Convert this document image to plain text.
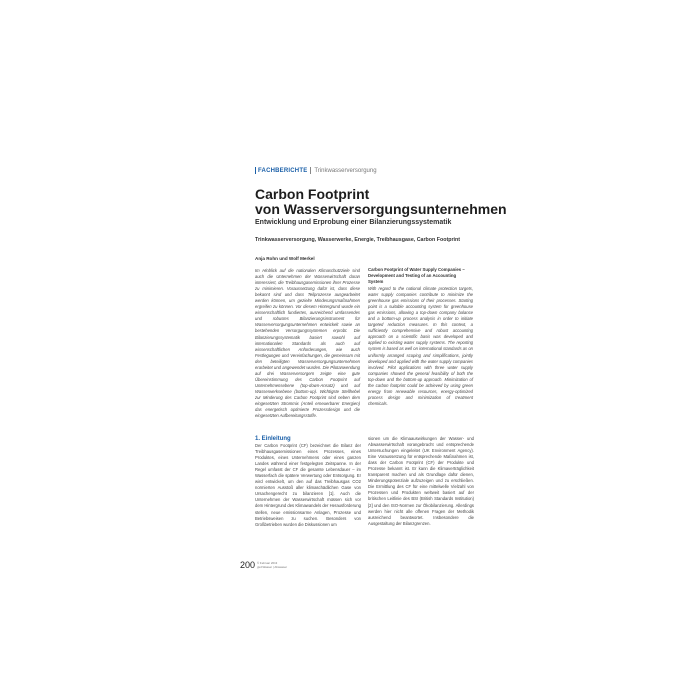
FACHBERICHTE Trinkwasserversorgung
Carbon Footprint
von Wasserversorgungsunternehmen
Entwicklung und Erprobung einer Bilanzierungssystematik
Trinkwasserversorgung, Wasserwerke, Energie, Treibhausgase, Carbon Footprint
Anja Rohn und Wolf Merkel

Im Hinblick auf die nationalen Klimaschutzziele sind auch die Unternehmen der Wasserwirtschaft daran interessiert, die Treibhausgasemissionen ihrer Prozesse zu minimieren. Voraussetzung dafür ist, dass diese bekannt sind und dass Teilprozesse ausgearbeitet werden können, um gezielte Minderungsmaßnahmen ergreifen zu können. Vor diesem Hintergrund wurde ein wissenschaftlich fundiertes, ausreichend umfassendes und robustes Bilanzierungsinstrument für Wasserversorgungsunternehmen entwickelt sowie an bestehenden Versorgungssystemen erprobt. Die Bilanzierungssystematik basiert sowohl auf internationalen Standards als auch auf wissenschaftlichen Anforderungen, wie auch Festlegungen und Vereinfachungen, die gemeinsam mit den beteiligten Wasserversorgungsunternehmen erarbeitet und angewendet wurden. Die Pilotanwendung auf drei Wasserversorgern zeigte eine gute Übereinstimmung des Carbon Footprint auf Unternehmensebene (top-down-Ansatz) und auf Wasserwerksebene (bottom-up). Wichtigste Stellhebel zur Minderung des Carbon Footprint sind neben dem eingesetzten Strommix (Anteil erneuerbarer Energien) das energetisch optimierte Prozessdesign und die eingesetzten Aufbereitungsstoffe.

Carbon Footprint of Water Supply Companies –
Development and Testing of an Accounting
System

With regard to the national climate protection targets, water supply companies contribute to minimize the greenhouse gas emissions of their processes. Starting point is a suitable accounting system for greenhouse gas emissions, allowing a top-down company balance and a bottom-up process analysis in order to initiate targeted reduction measures. In this context, a sufficiently comprehensive and robust accounting approach on a scientific basis was developed and applied to existing water supply systems. The reporting system is based as well on international standards as on uniformly arranged scoping and simplifications, jointly developed and applied with the water supply companies involved. Pilot applications with three water supply companies showed the general feasibility of both the top-down and the bottom-up approach. Minimization of the carbon footprint could be achieved by using green energy from renewable resources, energy-optimized process design and minimization of treatment chemicals.

1. Einleitung

Der Carbon Footprint (CF) bezeichnet die Bilanz der Treibhausgasemissionen eines Prozesses, eines Produktes, eines Unternehmens oder eines ganzen Landes während einer festgelegten Zeitspanne. In der Regel umfasst der CF die gesamte Lebensdauer – im Wasserfach die spätere Verwertung oder Entsorgung. Er wird entwickelt, um den auf das Treibhausgas CO2 normierten Ausstoß aller klimaschädlichen Gase von Ursachengerecht zu bilanzieren [1]. Auch die Unternehmen der Wasserwirtschaft müssen sich vor dem Hintergrund des Klimawandels der Herausforderung stellen, neue emissionsarme Anlagen, Prozesse und Betriebsweisen zu suchen. Besonders von Großbetrieben wurden die Diskussionen um

sionen um die Klimaauswirkungen der Wasser- und Abwasserwirtschaft vorangebracht und entsprechende Untersuchungen eingeleitet (UK Environment Agency). Eine Voraussetzung für entsprechende Maßnahmen ist, dass der Carbon Footprint (CF) der Produkte und Prozesse bekannt ist. Er kann die Klimaverträglichkeit transparent machen und als Grundlage dafür dienen, Minderungspotenziale aufzuzeigen und zu erschließen. Die Ermittlung des CF für eine mittelwelle Vielzahl von Prozessen und Produkten weltweit basiert auf der britischen Leitlinie des BSI (British Standards Institution) [2] und den ISO-Normen zur Ökobilanzierung. Allerdings werden hier nicht alle offenen Fragen der Methodik ausreichend beantwortet. Insbesondere die Ausgestaltung der Bilanzgrenzen.

200 © Februar 2013
gwf-Wasser | Abwasser
